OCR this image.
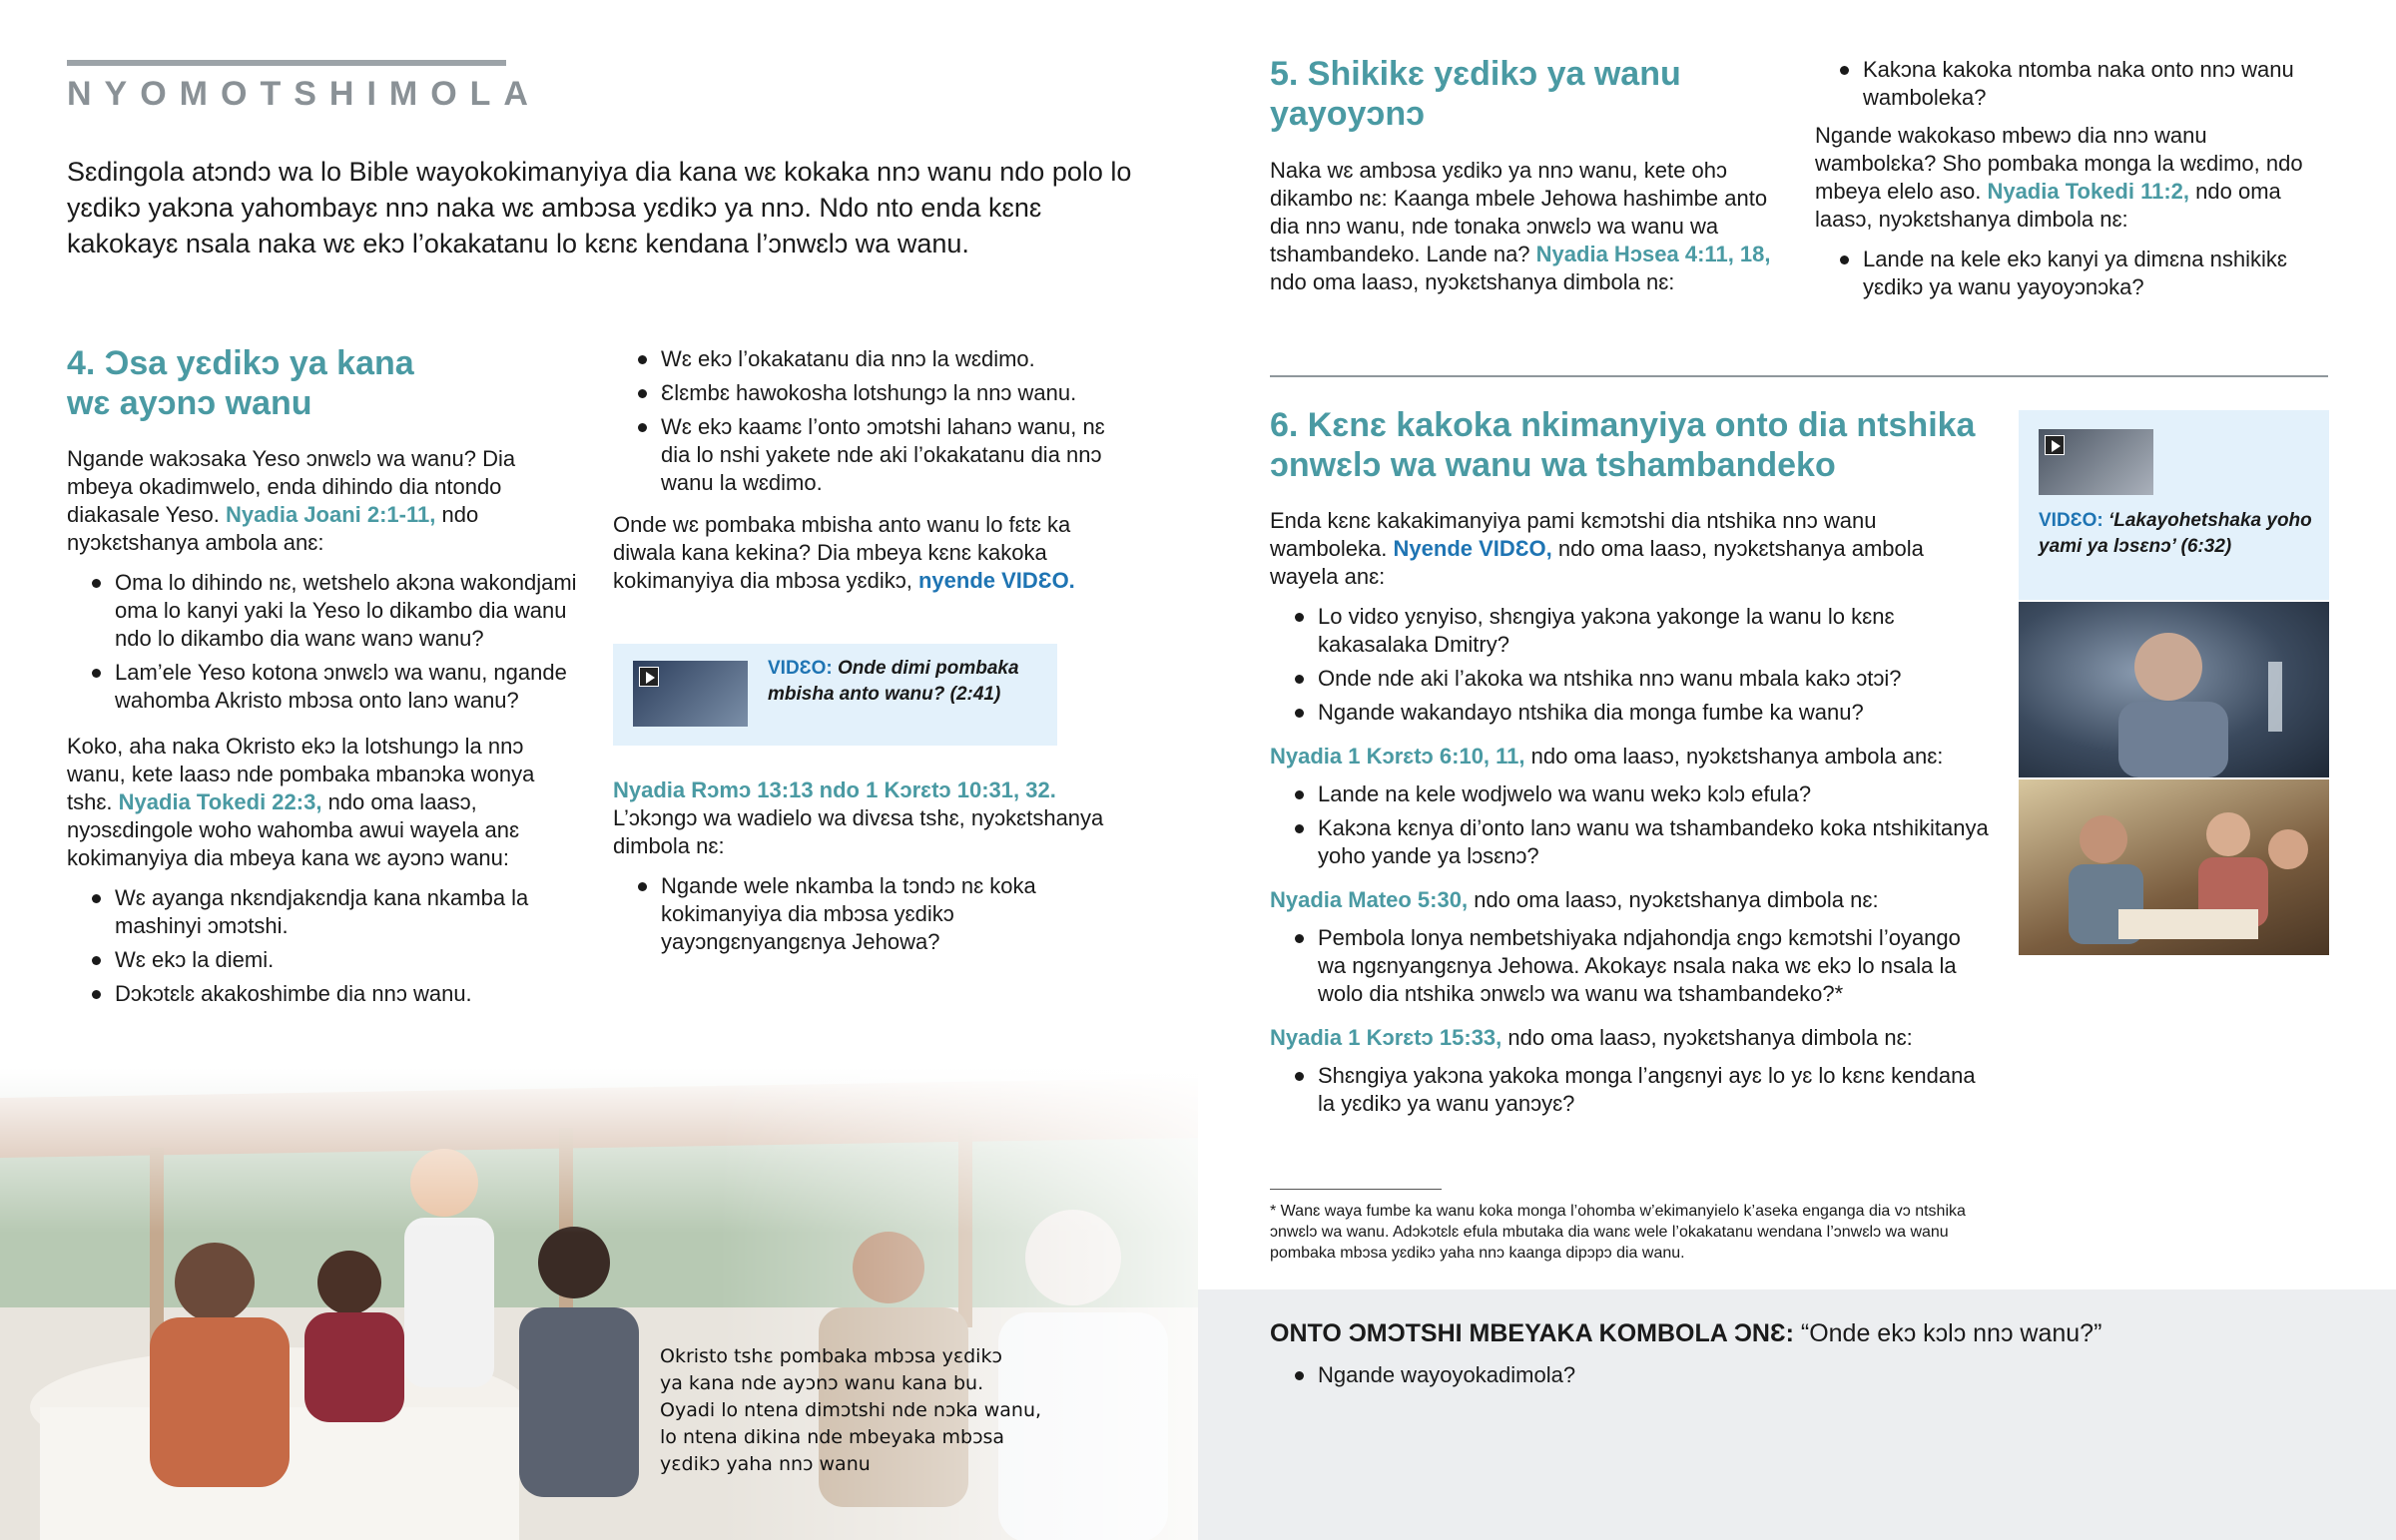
NYOMOTSHIMOLA

Sɛdingola atɔndɔ wa lo Bible wayokokimanyiya dia kana wɛ kokaka nnɔ wanu ndo polo lo yɛdikɔ yakɔna yahombayɛ nnɔ naka wɛ ambɔsa yɛdikɔ ya nnɔ. Ndo nto enda kɛnɛ kakokayɛ nsala naka wɛ ekɔ l’okakatanu lo kɛnɛ kendana l’ɔnwɛlɔ wa wanu.

4. Ɔsa yɛdikɔ ya kana
wɛ ayɔnɔ wanu

Ngande wakɔsaka Yeso ɔnwɛlɔ wa wanu? Dia mbeya okadimwelo, enda dihindo dia ntondo diakasale Yeso. Nyadia Joani 2:1-11, ndo nyɔkɛtshanya ambola anɛ:

Oma lo dihindo nɛ, wetshelo akɔna wakondjami oma lo kanyi yaki la Yeso lo dikambo dia wanu ndo lo dikambo dia wanɛ wanɔ wanu?
Lam’ele Yeso kotona ɔnwɛlɔ wa wanu, ngande wahomba Akristo mbɔsa onto lanɔ wanu?

Koko, aha naka Okristo ekɔ la lotshungɔ la nnɔ wanu, kete laasɔ nde pombaka mbanɔka wonya tshɛ. Nyadia Tokedi 22:3, ndo oma laasɔ, nyɔsɛdingole woho wahomba awui wayela anɛ kokimanyiya dia mbeya kana wɛ ayɔnɔ wanu:

Wɛ ayanga nkɛndjakɛndja kana nkamba la mashinyi ɔmɔtshi.
Wɛ ekɔ la diemi.
Dɔkɔtɛlɛ akakoshimbe dia nnɔ wanu.
Wɛ ekɔ l’okakatanu dia nnɔ la wɛdimo.
Ɛlɛmbɛ hawokosha lotshungɔ la nnɔ wanu.
Wɛ ekɔ kaamɛ l’onto ɔmɔtshi lahanɔ wanu, nɛ dia lo nshi yakete nde aki l’okakatanu dia nnɔ wanu la wɛdimo.

Onde wɛ pombaka mbisha anto wanu lo fɛtɛ ka diwala kana kekina? Dia mbeya kɛnɛ kakoka kokimanyiya dia mbɔsa yɛdikɔ, nyende VIDƐO.

VIDƐO: Onde dimi pombaka mbisha anto wanu? (2:41)

Nyadia Rɔmɔ 13:13 ndo 1 Kɔrɛtɔ 10:31, 32. L’ɔkɔngɔ wa wadielo wa divɛsa tshɛ, nyɔkɛtshanya dimbola nɛ:

Ngande wele nkamba la tɔndɔ nɛ koka kokimanyiya dia mbɔsa yɛdikɔ yayɔngɛnyangɛnya Jehowa?
Okristo tshɛ pombaka mbɔsa yɛdikɔ
ya kana nde ayɔnɔ wanu kana bu.
Oyadi lo ntena dimɔtshi nde nɔka wanu,
lo ntena dikina nde mbeyaka mbɔsa
yɛdikɔ yaha nnɔ wanu
5. Shikikɛ yɛdikɔ ya wanu
yayoyɔnɔ

Naka wɛ ambɔsa yɛdikɔ ya nnɔ wanu, kete ohɔ dikambo nɛ: Kaanga mbele Jehowa hashimbe anto dia nnɔ wanu, nde tonaka ɔnwɛlɔ wa wanu wa tshambandeko. Lande na? Nyadia Hɔsea 4:11, 18, ndo oma laasɔ, nyɔkɛtshanya dimbola nɛ:

Kakɔna kakoka ntomba naka onto nnɔ wanu wamboleka?

Ngande wakokaso mbewɔ dia nnɔ wanu wambolɛka? Sho pombaka monga la wɛdimo, ndo mbeya elelo aso. Nyadia Tokedi 11:2, ndo oma laasɔ, nyɔkɛtshanya dimbola nɛ:

Lande na kele ekɔ kanyi ya dimɛna nshikikɛ yɛdikɔ ya wanu yayoyɔnɔka?
6. Kɛnɛ kakoka nkimanyiya onto dia ntshika
ɔnwɛlɔ wa wanu wa tshambandeko

Enda kɛnɛ kakakimanyiya pami kɛmɔtshi dia ntshika nnɔ wanu wamboleka. Nyende VIDƐO, ndo oma laasɔ, nyɔkɛtshanya ambola wayela anɛ:

Lo vidɛo yɛnyiso, shɛngiya yakɔna yakonge la wanu lo kɛnɛ kakasalaka Dmitry?
Onde nde aki l’akoka wa ntshika nnɔ wanu mbala kakɔ ɔtɔi?
Ngande wakandayo ntshika dia monga fumbe ka wanu?

Nyadia 1 Kɔrɛtɔ 6:10, 11, ndo oma laasɔ, nyɔkɛtshanya ambola anɛ:

Lande na kele wodjwelo wa wanu wekɔ kɔlɔ efula?
Kakɔna kɛnya di’onto lanɔ wanu wa tshambandeko koka ntshikitanya yoho yande ya lɔsɛnɔ?

Nyadia Mateo 5:30, ndo oma laasɔ, nyɔkɛtshanya dimbola nɛ:

Pembola lonya nembetshiyaka ndjahondja ɛngɔ kɛmɔtshi l’oyango wa ngɛnyangɛnya Jehowa. Akokayɛ nsala naka wɛ ekɔ lo nsala la wolo dia ntshika ɔnwɛlɔ wa wanu wa tshambandeko?*

Nyadia 1 Kɔrɛtɔ 15:33, ndo oma laasɔ, nyɔkɛtshanya dimbola nɛ:

Shɛngiya yakɔna yakoka monga l’angɛnyi ayɛ lo yɛ lo kɛnɛ kendana la yɛdikɔ ya wanu yanɔyɛ?
VIDƐO: ‘Lakayohetshaka yoho yami ya lɔsɛnɔ’ (6:32)

* Wanɛ waya fumbe ka wanu koka monga l’ohomba w’ekimanyielo k’aseka enganga dia vɔ ntshika ɔnwɛlɔ wa wanu. Adɔkɔtɛlɛ efula mbutaka dia wanɛ wele l’okakatanu wendana l’ɔnwɛlɔ wa wanu pombaka mbɔsa yɛdikɔ yaha nnɔ kaanga dipɔpɔ dia wanu.

ONTO ƆMƆTSHI MBEYAKA KOMBOLA ƆNƐ: “Onde ekɔ kɔlɔ nnɔ wanu?”
Ngande wayoyokadimola?
